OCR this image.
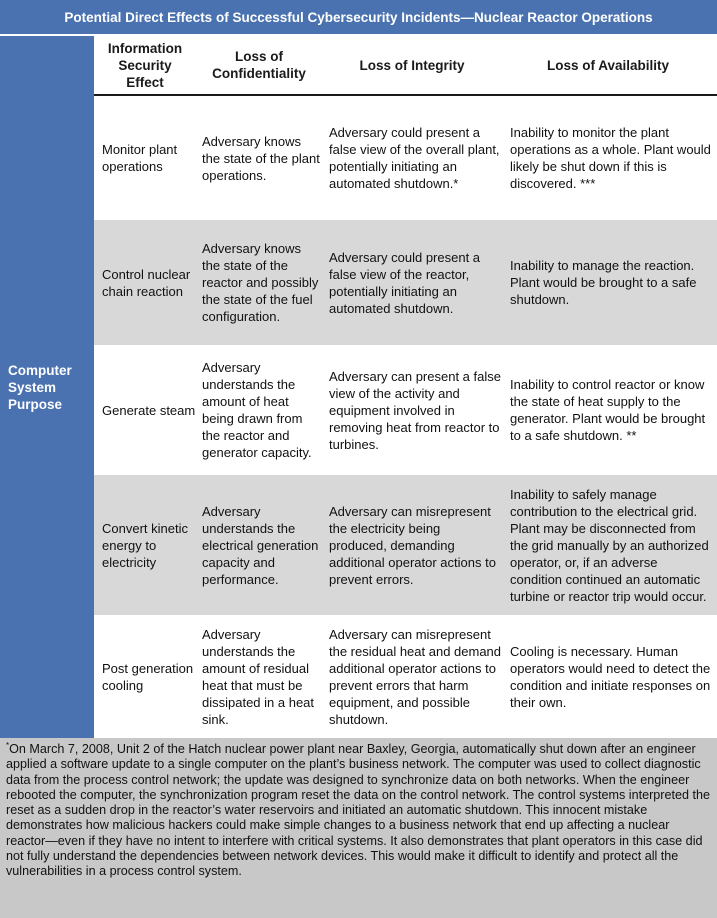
Potential Direct Effects of Successful Cybersecurity Incidents—Nuclear Reactor Operations
Computer System Purpose
Information Security Effect
Loss of Confidentiality
Loss of Integrity	Loss of Availability
Monitor plant operations
Adversary knows the state of the plant operations.
Adversary could present a false view of the overall plant, potentially initiating an automated shutdown.*
Inability to monitor the plant operations as a whole. Plant would likely be shut down if this is discovered. ***
Control nuclear chain reaction
Adversary knows the state of the reactor and possibly the state of the fuel configuration.
Adversary could present a false view of the reactor, potentially initiating an automated shutdown.
Inability to manage the reaction. Plant would be brought to a safe shutdown.
Generate steam
Adversary understands the amount of heat being drawn from the reactor and generator capacity.
Adversary can present a false view of the activity and equipment involved in removing heat from reactor to turbines.
Inability to control reactor or know the state of heat supply to the generator. Plant would be brought to a safe shutdown. **
Convert kinetic energy to electricity
Adversary understands the electrical generation capacity and performance.
Adversary can misrepresent the electricity being produced, demanding additional operator actions to prevent errors.
Inability to safely manage contribution to the electrical grid. Plant may be disconnected from the grid manually by an authorized operator, or, if an adverse condition continued an automatic turbine or reactor trip would occur.
Post generation cooling
Adversary understands the amount of residual heat that must be dissipated in a heat sink.
Adversary can misrepresent the residual heat and demand additional operator actions to prevent errors that harm equipment, and possible shutdown.
Cooling is necessary. Human operators would need to detect the condition and initiate responses on their own.
*On March 7, 2008, Unit 2 of the Hatch nuclear power plant near Baxley, Georgia, automatically shut down after an engineer applied a software update to a single computer on the plant’s business network. The computer was used to collect diagnostic data from the process control network; the update was designed to synchronize data on both networks. When the engineer rebooted the computer, the synchronization program reset the data on the control network. The control systems interpreted the reset as a sudden drop in the reactor’s water reservoirs and initiated an automatic shutdown. This innocent mistake demonstrates how malicious hackers could make simple changes to a business network that end up affecting a nuclear reactor—even if they have no intent to interfere with critical systems. It also demonstrates that plant operators in this case did not fully understand the dependencies between network devices. This would make it difficult to identify and protect all the vulnerabilities in a process control system.
